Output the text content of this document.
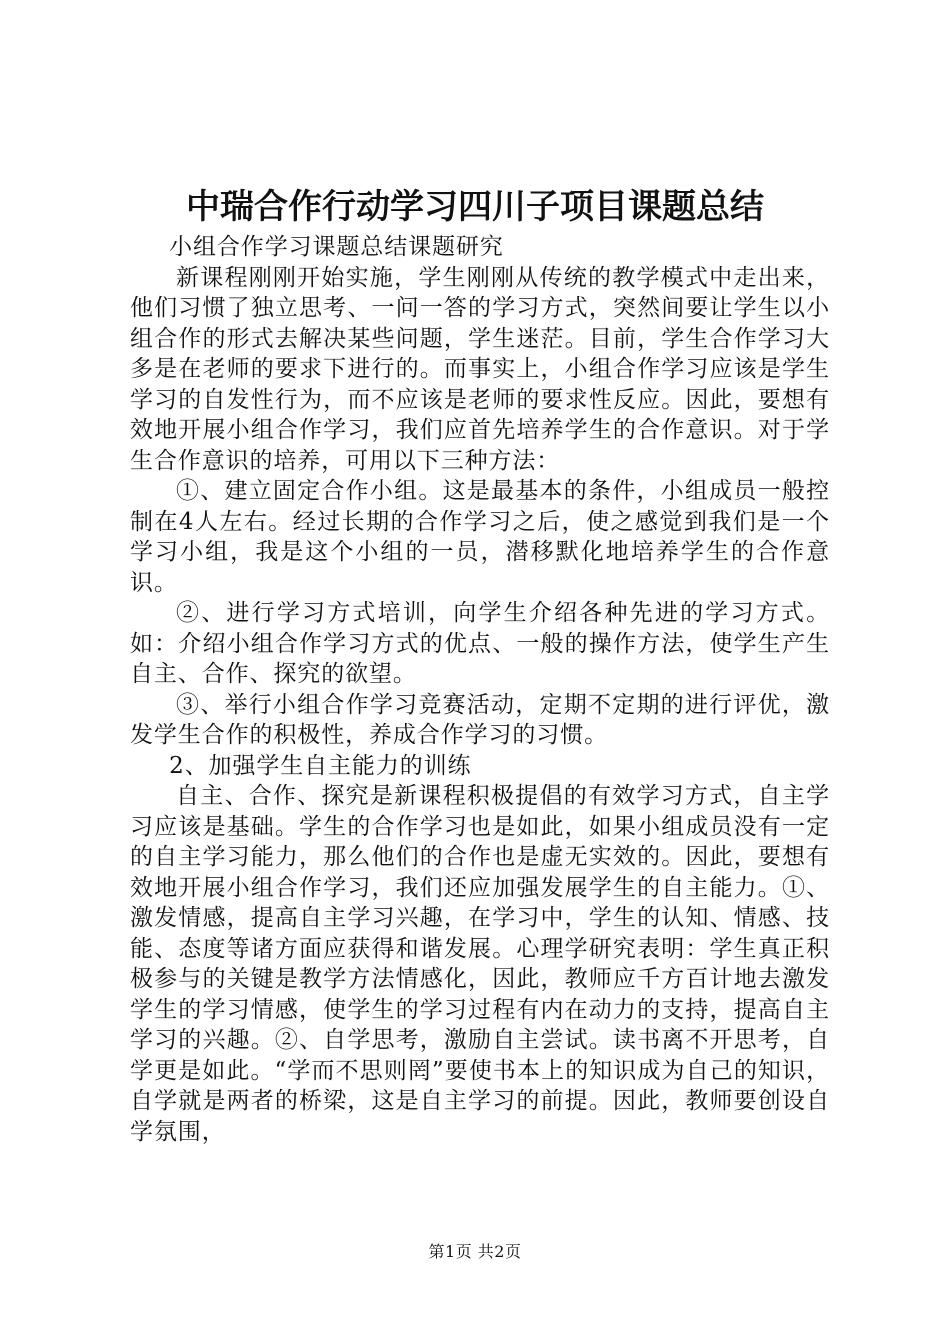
中瑞合作行动学习四川子项目课题总结

小组合作学习课题总结课题研究

新课程刚刚开始实施，学生刚刚从传统的教学模式中走出来，他们习惯了独立思考、一问一答的学习方式，突然间要让学生以小组合作的形式去解决某些问题，学生迷茫。目前，学生合作学习大多是在老师的要求下进行的。而事实上，小组合作学习应该是学生学习的自发性行为，而不应该是老师的要求性反应。因此，要想有效地开展小组合作学习，我们应首先培养学生的合作意识。对于学生合作意识的培养，可用以下三种方法：

①、建立固定合作小组。这是最基本的条件，小组成员一般控制在4人左右。经过长期的合作学习之后，使之感觉到我们是一个学习小组，我是这个小组的一员，潜移默化地培养学生的合作意识。

②、进行学习方式培训，向学生介绍各种先进的学习方式。如：介绍小组合作学习方式的优点、一般的操作方法，使学生产生自主、合作、探究的欲望。

③、举行小组合作学习竞赛活动，定期不定期的进行评优，激发学生合作的积极性，养成合作学习的习惯。

2、加强学生自主能力的训练

自主、合作、探究是新课程积极提倡的有效学习方式，自主学习应该是基础。学生的合作学习也是如此，如果小组成员没有一定的自主学习能力，那么他们的合作也是虚无实效的。因此，要想有效地开展小组合作学习，我们还应加强发展学生的自主能力。①、激发情感，提高自主学习兴趣，在学习中，学生的认知、情感、技能、态度等诸方面应获得和谐发展。心理学研究表明：学生真正积极参与的关键是教学方法情感化，因此，教师应千方百计地去激发学生的学习情感，使学生的学习过程有内在动力的支持，提高自主学习的兴趣。②、自学思考，激励自主尝试。读书离不开思考，自学更是如此。“学而不思则罔”要使书本上的知识成为自己的知识，自学就是两者的桥梁，这是自主学习的前提。因此，教师要创设自学氛围，

第1页 共2页
